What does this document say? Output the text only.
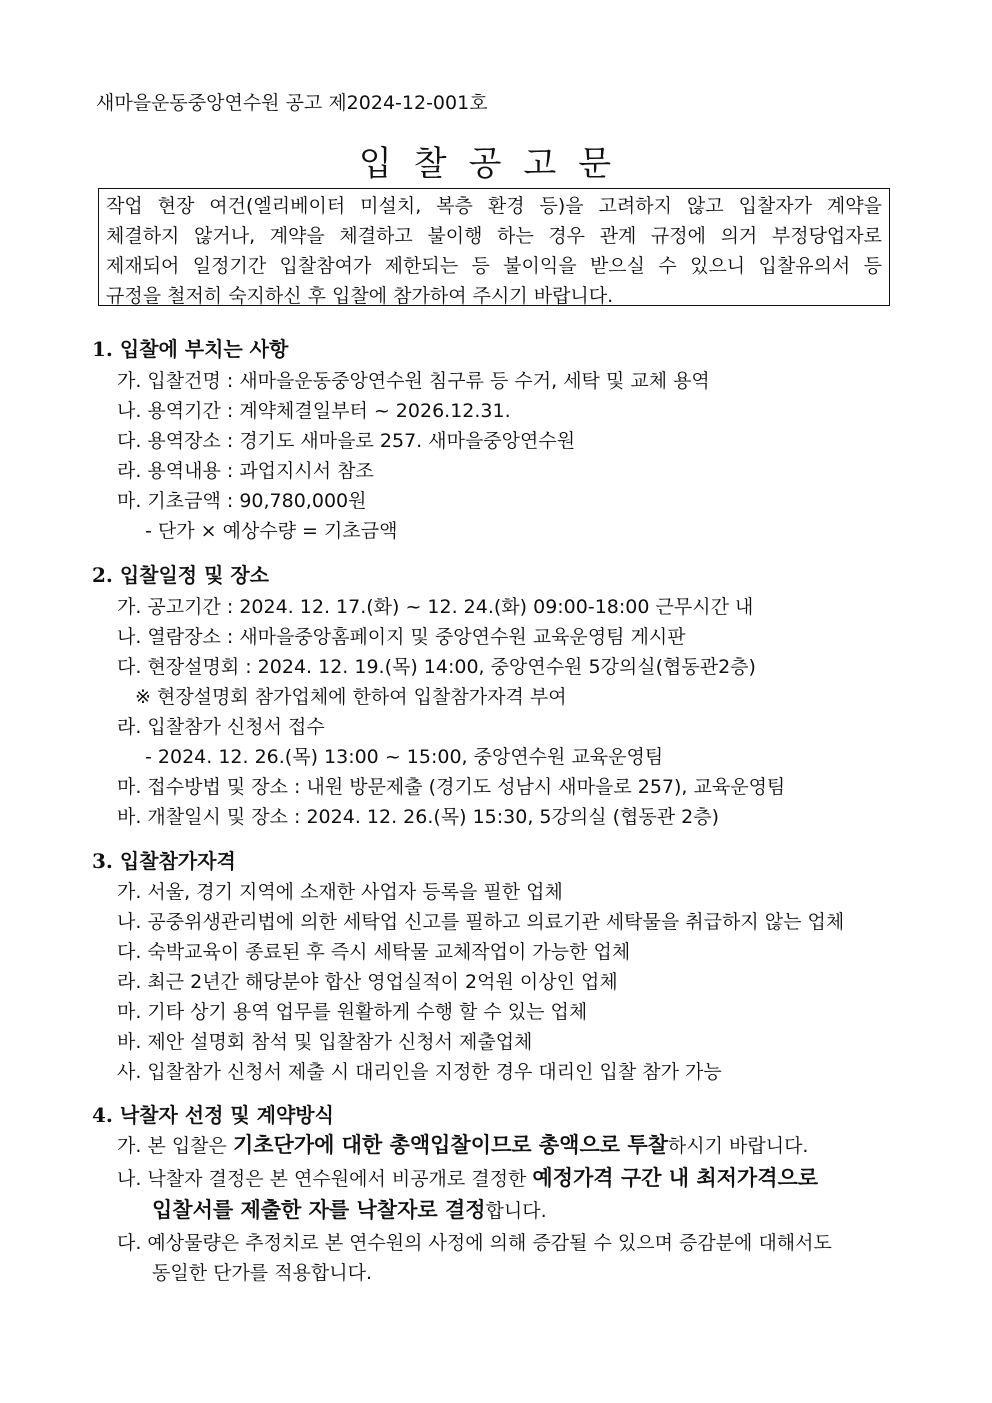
새마을운동중앙연수원 공고 제2024-12-001호
입찰공고문
작업 현장 여건(엘리베이터 미설치, 복층 환경 등)을 고려하지 않고 입찰자가 계약을
체결하지 않거나, 계약을 체결하고 불이행 하는 경우 관계 규정에 의거 부정당업자로
제재되어 일정기간 입찰참여가 제한되는 등 불이익을 받으실 수 있으니 입찰유의서 등
규정을 철저히 숙지하신 후 입찰에 참가하여 주시기 바랍니다.
1. 입찰에 부치는 사항
가. 입찰건명 : 새마을운동중앙연수원 침구류 등 수거, 세탁 및 교체 용역
나. 용역기간 : 계약체결일부터 ~ 2026.12.31.
다. 용역장소 : 경기도 새마을로 257. 새마을중앙연수원
라. 용역내용 : 과업지시서 참조
마. 기초금액 : 90,780,000원
- 단가 × 예상수량 = 기초금액
2. 입찰일정 및 장소
가. 공고기간 : 2024. 12. 17.(화) ~ 12. 24.(화) 09:00-18:00 근무시간 내
나. 열람장소 : 새마을중앙홈페이지 및 중앙연수원 교육운영팀 게시판
다. 현장설명회 : 2024. 12. 19.(목) 14:00, 중앙연수원 5강의실(협동관2층)
※ 현장설명회 참가업체에 한하여 입찰참가자격 부여
라. 입찰참가 신청서 접수
- 2024. 12. 26.(목) 13:00 ~ 15:00, 중앙연수원 교육운영팀
마. 접수방법 및 장소 : 내원 방문제출 (경기도 성남시 새마을로 257), 교육운영팀
바. 개찰일시 및 장소 : 2024. 12. 26.(목) 15:30, 5강의실 (협동관 2층)
3. 입찰참가자격
가. 서울, 경기 지역에 소재한 사업자 등록을 필한 업체
나. 공중위생관리법에 의한 세탁업 신고를 필하고 의료기관 세탁물을 취급하지 않는 업체
다. 숙박교육이 종료된 후 즉시 세탁물 교체작업이 가능한 업체
라. 최근 2년간 해당분야 합산 영업실적이 2억원 이상인 업체
마. 기타 상기 용역 업무를 원활하게 수행 할 수 있는 업체
바. 제안 설명회 참석 및 입찰참가 신청서 제출업체
사. 입찰참가 신청서 제출 시 대리인을 지정한 경우 대리인 입찰 참가 가능
4. 낙찰자 선정 및 계약방식
가. 본 입찰은 기초단가에 대한 총액입찰이므로 총액으로 투찰하시기 바랍니다.
나. 낙찰자 결정은 본 연수원에서 비공개로 결정한 예정가격 구간 내 최저가격으로
입찰서를 제출한 자를 낙찰자로 결정합니다.
다. 예상물량은 추정치로 본 연수원의 사정에 의해 증감될 수 있으며 증감분에 대해서도
동일한 단가를 적용합니다.
